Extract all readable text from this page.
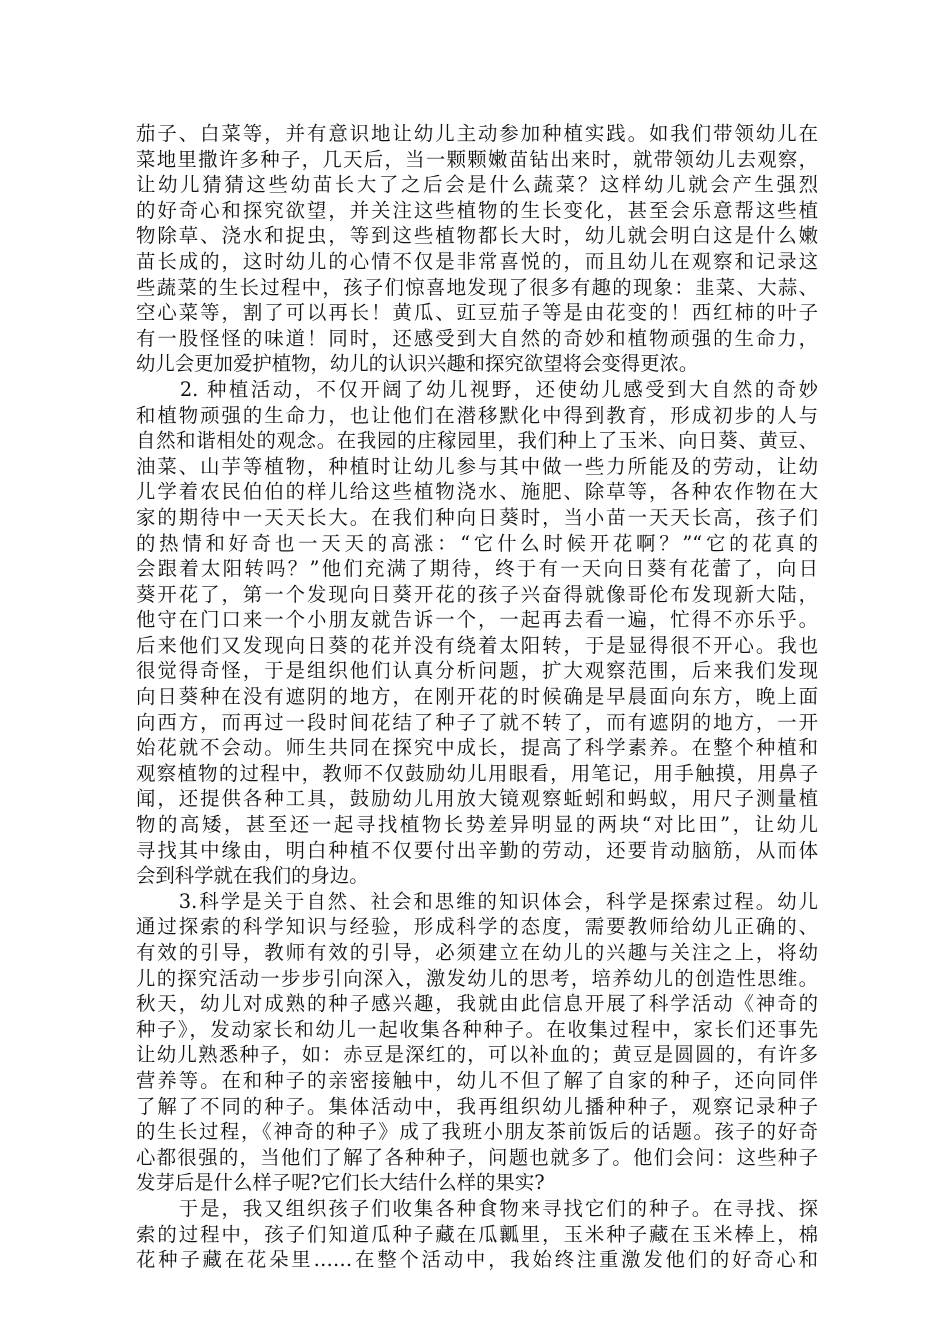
茄子、白菜等，并有意识地让幼儿主动参加种植实践。如我们带领幼儿在
菜地里撒许多种子，几天后，当一颗颗嫩苗钻出来时，就带领幼儿去观察，
让幼儿猜猜这些幼苗长大了之后会是什么蔬菜？这样幼儿就会产生强烈
的好奇心和探究欲望，并关注这些植物的生长变化，甚至会乐意帮这些植
物除草、浇水和捉虫，等到这些植物都长大时，幼儿就会明白这是什么嫩
苗长成的，这时幼儿的心情不仅是非常喜悦的，而且幼儿在观察和记录这
些蔬菜的生长过程中，孩子们惊喜地发现了很多有趣的现象：韭菜、大蒜、
空心菜等，割了可以再长！黄瓜、豇豆茄子等是由花变的！西红柿的叶子
有一股怪怪的味道！同时，还感受到大自然的奇妙和植物顽强的生命力，
幼儿会更加爱护植物，幼儿的认识兴趣和探究欲望将会变得更浓。
　　2. 种植活动，不仅开阔了幼儿视野，还使幼儿感受到大自然的奇妙
和植物顽强的生命力，也让他们在潜移默化中得到教育，形成初步的人与
自然和谐相处的观念。在我园的庄稼园里，我们种上了玉米、向日葵、黄豆、
油菜、山芋等植物，种植时让幼儿参与其中做一些力所能及的劳动，让幼
儿学着农民伯伯的样儿给这些植物浇水、施肥、除草等，各种农作物在大
家的期待中一天天长大。在我们种向日葵时，当小苗一天天长高，孩子们
的热情和好奇也一天天的高涨：“它什么时候开花啊？”“它的花真的
会跟着太阳转吗？”他们充满了期待，终于有一天向日葵有花蕾了，向日
葵开花了，第一个发现向日葵开花的孩子兴奋得就像哥伦布发现新大陆，
他守在门口来一个小朋友就告诉一个，一起再去看一遍，忙得不亦乐乎。
后来他们又发现向日葵的花并没有绕着太阳转，于是显得很不开心。我也
很觉得奇怪，于是组织他们认真分析问题，扩大观察范围，后来我们发现
向日葵种在没有遮阴的地方，在刚开花的时候确是早晨面向东方，晚上面
向西方，而再过一段时间花结了种子了就不转了，而有遮阴的地方，一开
始花就不会动。师生共同在探究中成长，提高了科学素养。在整个种植和
观察植物的过程中，教师不仅鼓励幼儿用眼看，用笔记，用手触摸，用鼻子
闻，还提供各种工具，鼓励幼儿用放大镜观察蚯蚓和蚂蚁，用尺子测量植
物的高矮，甚至还一起寻找植物长势差异明显的两块“对比田”，让幼儿
寻找其中缘由，明白种植不仅要付出辛勤的劳动，还要肯动脑筋，从而体
会到科学就在我们的身边。
　　3.科学是关于自然、社会和思维的知识体会，科学是探索过程。幼儿
通过探索的科学知识与经验，形成科学的态度，需要教师给幼儿正确的、
有效的引导，教师有效的引导，必须建立在幼儿的兴趣与关注之上，将幼
儿的探究活动一步步引向深入，激发幼儿的思考，培养幼儿的创造性思维。
秋天，幼儿对成熟的种子感兴趣，我就由此信息开展了科学活动《神奇的
种子》，发动家长和幼儿一起收集各种种子。在收集过程中，家长们还事先
让幼儿熟悉种子，如：赤豆是深红的，可以补血的；黄豆是圆圆的，有许多
营养等。在和种子的亲密接触中，幼儿不但了解了自家的种子，还向同伴
了解了不同的种子。集体活动中，我再组织幼儿播种种子，观察记录种子
的生长过程，《神奇的种子》成了我班小朋友茶前饭后的话题。孩子的好奇
心都很强的，当他们了解了各种种子，问题也就多了。他们会问：这些种子
发芽后是什么样子呢?它们长大结什么样的果实?
　　于是，我又组织孩子们收集各种食物来寻找它们的种子。在寻找、探
索的过程中，孩子们知道瓜种子藏在瓜瓤里，玉米种子藏在玉米棒上，棉
花种子藏在花朵里……在整个活动中，我始终注重激发他们的好奇心和
